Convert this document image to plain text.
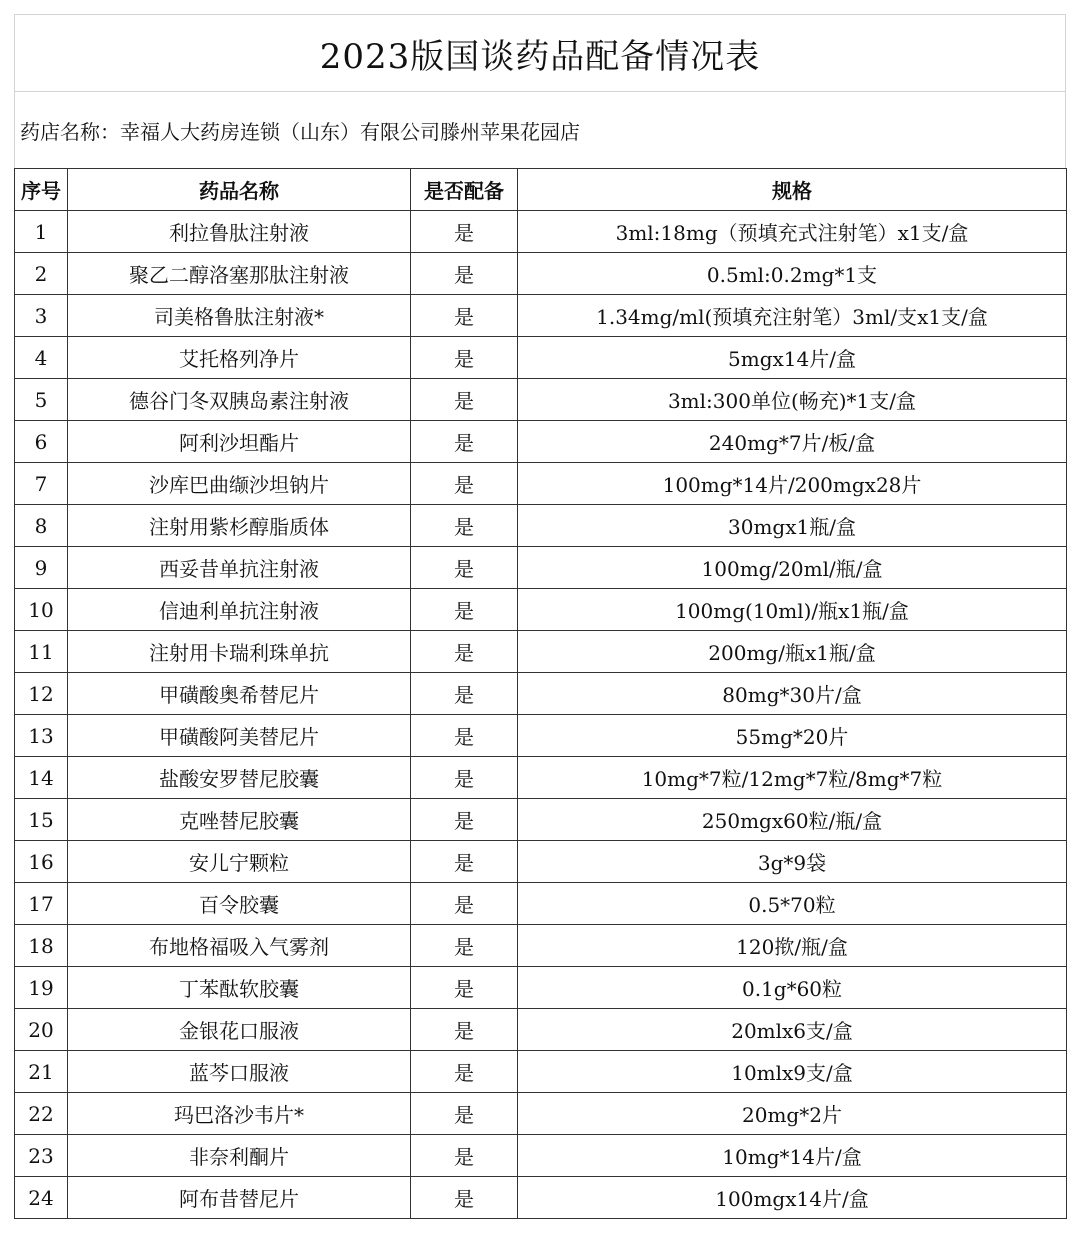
2023版国谈药品配备情况表
药店名称：幸福人大药房连锁（山东）有限公司滕州苹果花园店
序号	药品名称	是否配备	规格
1	利拉鲁肽注射液	是	3ml:18mg（预填充式注射笔）x1支/盒
2	聚乙二醇洛塞那肽注射液	是	0.5ml:0.2mg*1支
3	司美格鲁肽注射液*	是	1.34mg/ml(预填充注射笔）3ml/支x1支/盒
4	艾托格列净片	是	5mgx14片/盒
5	德谷门冬双胰岛素注射液	是	3ml:300单位(畅充)*1支/盒
6	阿利沙坦酯片	是	240mg*7片/板/盒
7	沙库巴曲缬沙坦钠片	是	100mg*14片/200mgx28片
8	注射用紫杉醇脂质体	是	30mgx1瓶/盒
9	西妥昔单抗注射液	是	100mg/20ml/瓶/盒
10	信迪利单抗注射液	是	100mg(10ml)/瓶x1瓶/盒
11	注射用卡瑞利珠单抗	是	200mg/瓶x1瓶/盒
12	甲磺酸奥希替尼片	是	80mg*30片/盒
13	甲磺酸阿美替尼片	是	55mg*20片
14	盐酸安罗替尼胶囊	是	10mg*7粒/12mg*7粒/8mg*7粒
15	克唑替尼胶囊	是	250mgx60粒/瓶/盒
16	安儿宁颗粒	是	3g*9袋
17	百令胶囊	是	0.5*70粒
18	布地格福吸入气雾剂	是	120揿/瓶/盒
19	丁苯酞软胶囊	是	0.1g*60粒
20	金银花口服液	是	20mlx6支/盒
21	蓝芩口服液	是	10mlx9支/盒
22	玛巴洛沙韦片*	是	20mg*2片
23	非奈利酮片	是	10mg*14片/盒
24	阿布昔替尼片	是	100mgx14片/盒
